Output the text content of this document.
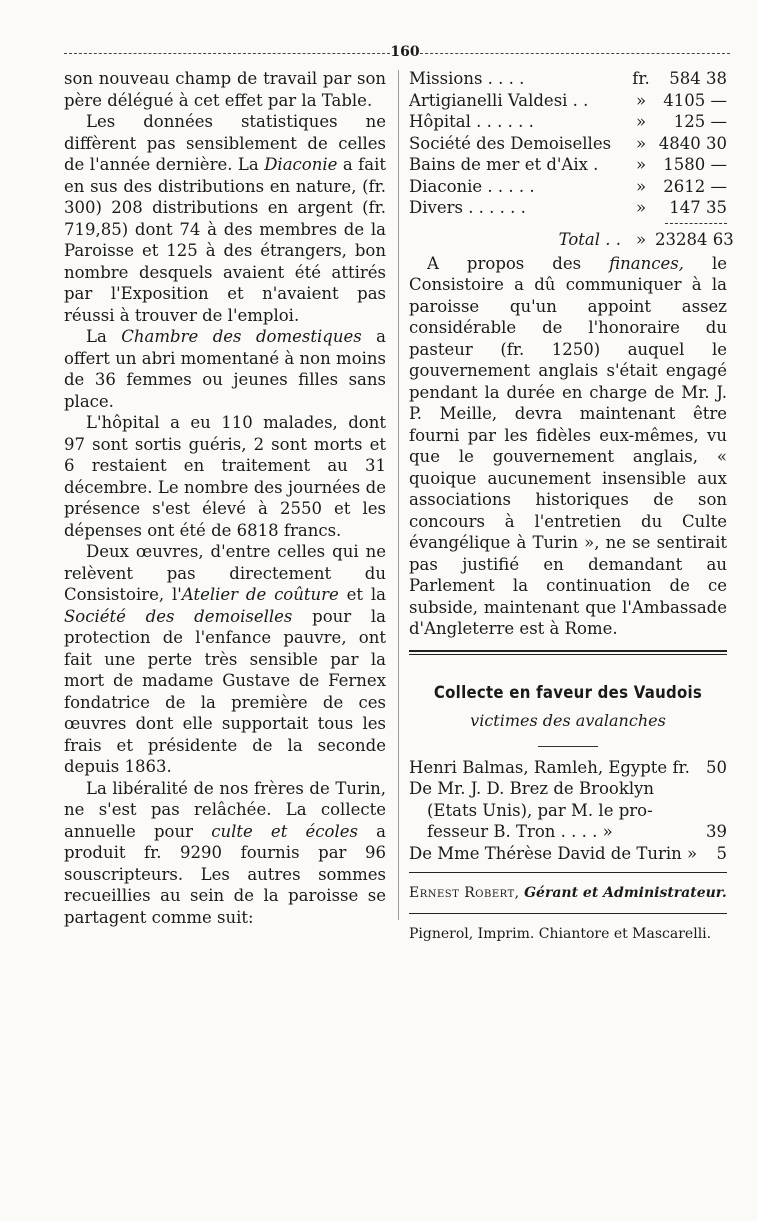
160

son nouveau champ de travail par son père délégué à cet effet par la Table.

Les données statistiques ne diffèrent pas sensiblement de celles de l'année dernière. La Diaconie a fait en sus des distributions en nature, (fr. 300) 208 distributions en argent (fr. 719,85) dont 74 à des membres de la Paroisse et 125 à des étrangers, bon nombre desquels avaient été attirés par l'Exposition et n'avaient pas réussi à trouver de l'emploi.

La Chambre des domestiques a offert un abri momentané à non moins de 36 femmes ou jeunes filles sans place.

L'hôpital a eu 110 malades, dont 97 sont sortis guéris, 2 sont morts et 6 restaient en traitement au 31 décembre. Le nombre des journées de présence s'est élevé à 2550 et les dépenses ont été de 6818 francs.

Deux œuvres, d'entre celles qui ne relèvent pas directement du Consistoire, l'Atelier de coûture et la Société des demoiselles pour la protection de l'enfance pauvre, ont fait une perte très sensible par la mort de madame Gustave de Fernex fondatrice de la première de ces œuvres dont elle supportait tous les frais et présidente de la seconde depuis 1863.

La libéralité de nos frères de Turin, ne s'est pas relâchée. La collecte annuelle pour culte et écoles a produit fr. 9290 fournis par 96 souscripteurs. Les autres sommes recueillies au sein de la paroisse se partagent comme suit:

Missions . . . .	fr.	584 38
Artigianelli Valdesi . .	»	4105 —
Hôpital . . . . . .	»	125 —
Société des Demoiselles	» 4840 30
Bains de mer et d'Aix .	»	1580 —
Diaconie . . . . .	»	2612 —
Divers . . . . . .	»	147 35
Total . . » 23284 63

A propos des finances, le Consistoire a dû communiquer à la paroisse qu'un appoint assez considérable de l'honoraire du pasteur (fr. 1250) auquel le gouvernement anglais s'était engagé pendant la durée en charge de Mr. J. P. Meille, devra maintenant être fourni par les fidèles eux-mêmes, vu que le gouvernement anglais, « quoique aucunement insensible aux associations historiques de son concours à l'entretien du Culte évangélique à Turin », ne se sentirait pas justifié en demandant au Parlement la continuation de ce subside, maintenant que l'Ambassade d'Angleterre est à Rome.

Collecte en faveur des Vaudois
victimes des avalanches
Henri Balmas, Ramleh, Egypte fr. 50
De Mr. J. D. Brez de Brooklyn
(Etats Unis), par M. le pro-
fesseur B. Tron . . . . »	39
De Mme Thérèse David de Turin »	5
Ernest Robert, Gérant et Administrateur.
Pignerol, Imprim. Chiantore et Mascarelli.
